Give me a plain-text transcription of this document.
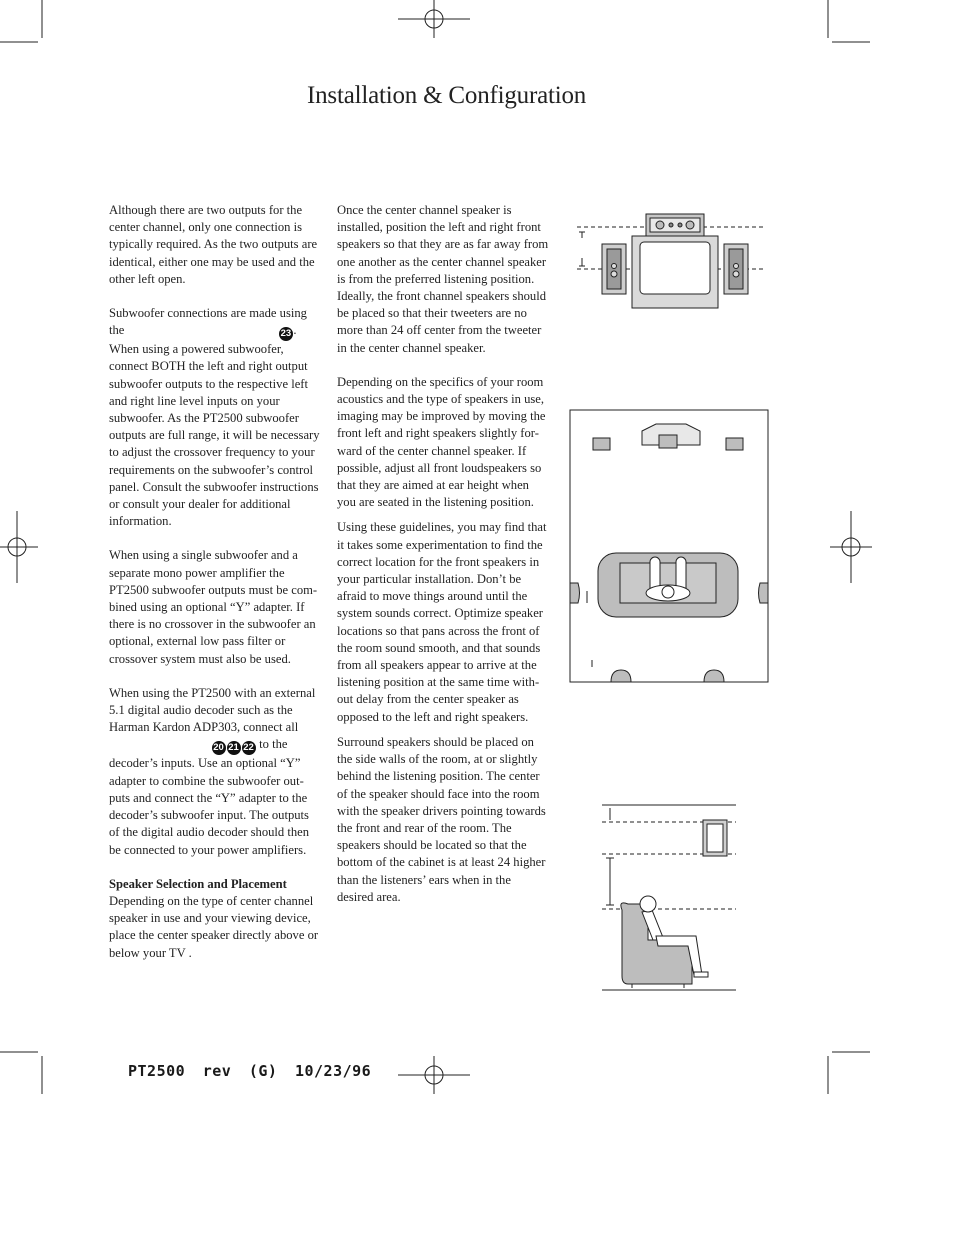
Installation & Configuration

Although there are two outputs for the center channel, only one connection is typically required. As the two outputs are identical, either one may be used and the other left open.

Subwoofer connections are made using the	23 . When using a powered subwoofer, connect BOTH the left and right output subwoofer outputs to the respective left and right line level inputs on your subwoofer. As the PT2500 subwoofer outputs are full range, it will be necessary to adjust the crossover frequency to your requirements on the subwoofer’s control panel. Consult the subwoofer instructions or consult your dealer for additional information.

When using a single subwoofer and a separate mono power amplifier the PT2500 subwoofer outputs must be com-bined using an optional “Y” adapter. If there is no crossover in the subwoofer an optional, external low pass filter or crossover system must also be used.

When using the PT2500 with an external 5.1 digital audio decoder such as the Harman Kardon ADP303, connect all
20 21 22 to the decoder’s inputs. Use an optional “Y” adapter to combine the subwoofer out-puts and connect the “Y” adapter to the decoder’s subwoofer input. The outputs of the digital audio decoder should then be connected to your power amplifiers.

Speaker Selection and Placement

Depending on the type of center channel speaker in use and your viewing device, place the center speaker directly above or below your TV .

Once the center channel speaker is installed, position the left and right front speakers so that they are as far away from one another as the center channel speaker is from the preferred listening position. Ideally, the front channel speakers should be placed so that their tweeters are no more than 24 off center from the tweeter in the center channel speaker.

Depending on the specifics of your room acoustics and the type of speakers in use, imaging may be improved by moving the front left and right speakers slightly for-ward of the center channel speaker. If possible, adjust all front loudspeakers so that they are aimed at ear height when you are seated in the listening position.

Using these guidelines, you may find that it takes some experimentation to find the correct location for the front speakers in your particular installation. Don’t be afraid to move things around until the system sounds correct. Optimize speaker locations so that pans across the front of the room sound smooth, and that sounds from all speakers appear to arrive at the listening position at the same time with-out delay from the center speaker as opposed to the left and right speakers.

Surround speakers should be placed on the side walls of the room, at or slightly behind the listening position. The center of the speaker should face into the room with the speaker drivers pointing towards the front and rear of the room. The speakers should be located so that the bottom of the cabinet is at least 24 higher than the listeners’ ears when in the desired area.

PT2500 rev (G) 10/23/96
